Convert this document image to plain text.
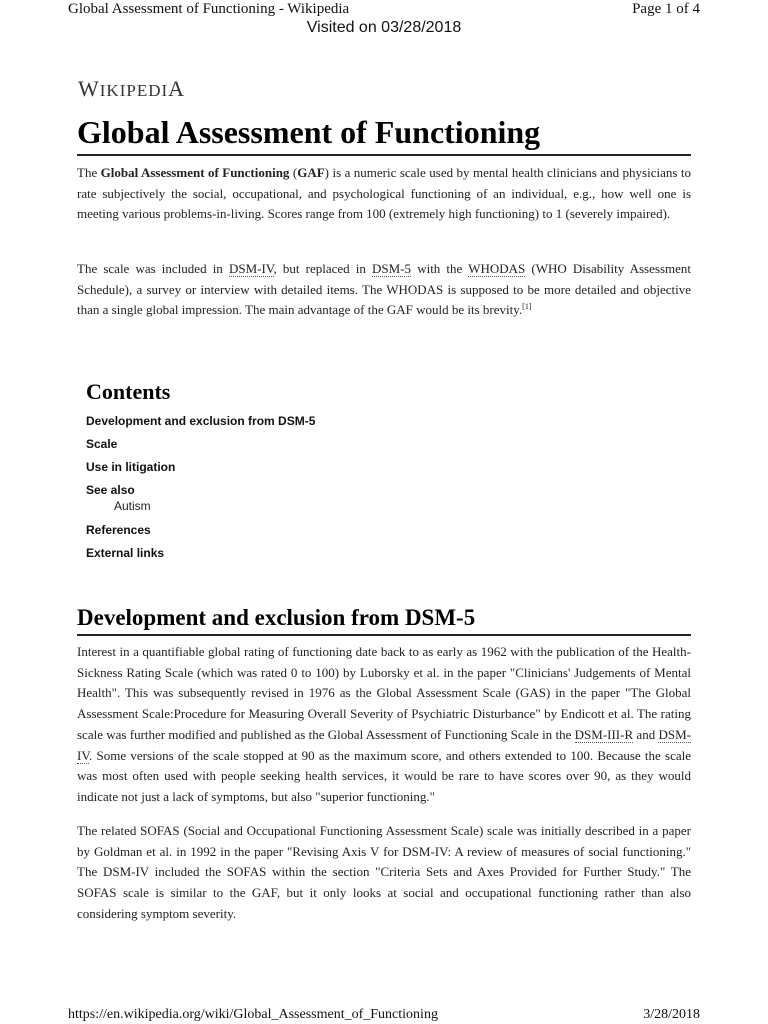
Global Assessment of Functioning - Wikipedia	Page 1 of 4
Visited on 03/28/2018
WIKIPEDIA
Global Assessment of Functioning

The Global Assessment of Functioning (GAF) is a numeric scale used by mental health clinicians and physicians to rate subjectively the social, occupational, and psychological functioning of an individual, e.g., how well one is meeting various problems-in-living. Scores range from 100 (extremely high functioning) to 1 (severely impaired).

The scale was included in DSM-IV, but replaced in DSM-5 with the WHODAS (WHO Disability Assessment Schedule), a survey or interview with detailed items. The WHODAS is supposed to be more detailed and objective than a single global impression. The main advantage of the GAF would be its brevity.[1]

Contents
Development and exclusion from DSM-5
Scale
Use in litigation
See also
Autism
References
External links
Development and exclusion from DSM-5

Interest in a quantifiable global rating of functioning date back to as early as 1962 with the publication of the Health-Sickness Rating Scale (which was rated 0 to 100) by Luborsky et al. in the paper "Clinicians' Judgements of Mental Health". This was subsequently revised in 1976 as the Global Assessment Scale (GAS) in the paper "The Global Assessment Scale:Procedure for Measuring Overall Severity of Psychiatric Disturbance" by Endicott et al. The rating scale was further modified and published as the Global Assessment of Functioning Scale in the DSM-III-R and DSM-IV. Some versions of the scale stopped at 90 as the maximum score, and others extended to 100. Because the scale was most often used with people seeking health services, it would be rare to have scores over 90, as they would indicate not just a lack of symptoms, but also "superior functioning."

The related SOFAS (Social and Occupational Functioning Assessment Scale) scale was initially described in a paper by Goldman et al. in 1992 in the paper "Revising Axis V for DSM-IV: A review of measures of social functioning." The DSM-IV included the SOFAS within the section "Criteria Sets and Axes Provided for Further Study." The SOFAS scale is similar to the GAF, but it only looks at social and occupational functioning rather than also considering symptom severity.

https://en.wikipedia.org/wiki/Global_Assessment_of_Functioning	3/28/2018
